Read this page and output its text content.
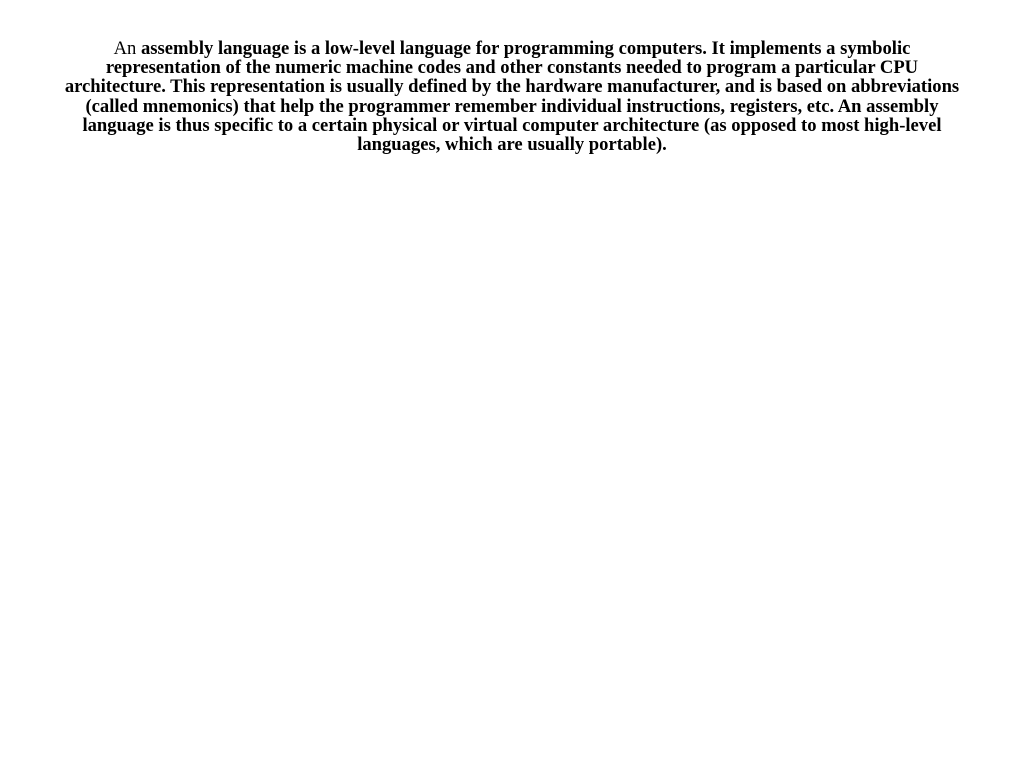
An assembly language is a low-level language for programming computers. It implements a symbolic representation of the numeric machine codes and other constants needed to program a particular CPU architecture. This representation is usually defined by the hardware manufacturer, and is based on abbreviations (called mnemonics) that help the programmer remember individual instructions, registers, etc. An assembly language is thus specific to a certain physical or virtual computer architecture (as opposed to most high-level languages, which are usually portable).
